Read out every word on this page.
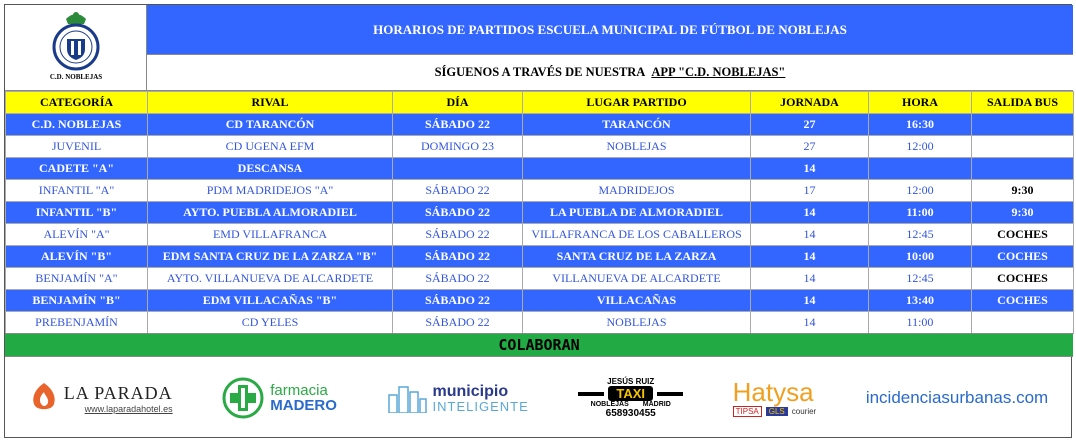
C.D. NOBLEJAS
HORARIOS DE PARTIDOS ESCUELA MUNICIPAL DE FÚTBOL DE NOBLEJAS
SÍGUENOS A TRAVÉS DE NUESTRA APP "C.D. NOBLEJAS"
CATEGORÍA	RIVAL	DÍA	LUGAR PARTIDO	JORNADA	HORA	SALIDA BUS
C.D. NOBLEJAS	CD TARANCÓN	SÁBADO 22	TARANCÓN	27	16:30	
JUVENIL	CD UGENA EFM	DOMINGO 23	NOBLEJAS	27	12:00	
CADETE "A"	DESCANSA			14		
INFANTIL "A"	PDM MADRIDEJOS "A"	SÁBADO 22	MADRIDEJOS	17	12:00	9:30
INFANTIL "B"	AYTO. PUEBLA ALMORADIEL	SÁBADO 22	LA PUEBLA DE ALMORADIEL	14	11:00	9:30
ALEVÍN "A"	EMD VILLAFRANCA	SÁBADO 22	VILLAFRANCA DE LOS CABALLEROS	14	12:45	COCHES
ALEVÍN "B"	EDM SANTA CRUZ DE LA ZARZA "B"	SÁBADO 22	SANTA CRUZ DE LA ZARZA	14	10:00	COCHES
BENJAMÍN "A"	AYTO. VILLANUEVA DE ALCARDETE	SÁBADO 22	VILLANUEVA DE ALCARDETE	14	12:45	COCHES
BENJAMÍN "B"	EDM VILLACAÑAS "B"	SÁBADO 22	VILLACAÑAS	14	13:40	COCHES
PREBENJAMÍN	CD YELES	SÁBADO 22	NOBLEJAS	14	11:00	
COLABORAN
LA PARADA
www.laparadahotel.es
farmacia
MADERO
municipio
INTELIGENTE
JESÚS RUIZ
TAXI
NOBLEJAS MADRID
658930455
Hatysa
TIPSA	GLS courier
incidenciasurbanas.com
